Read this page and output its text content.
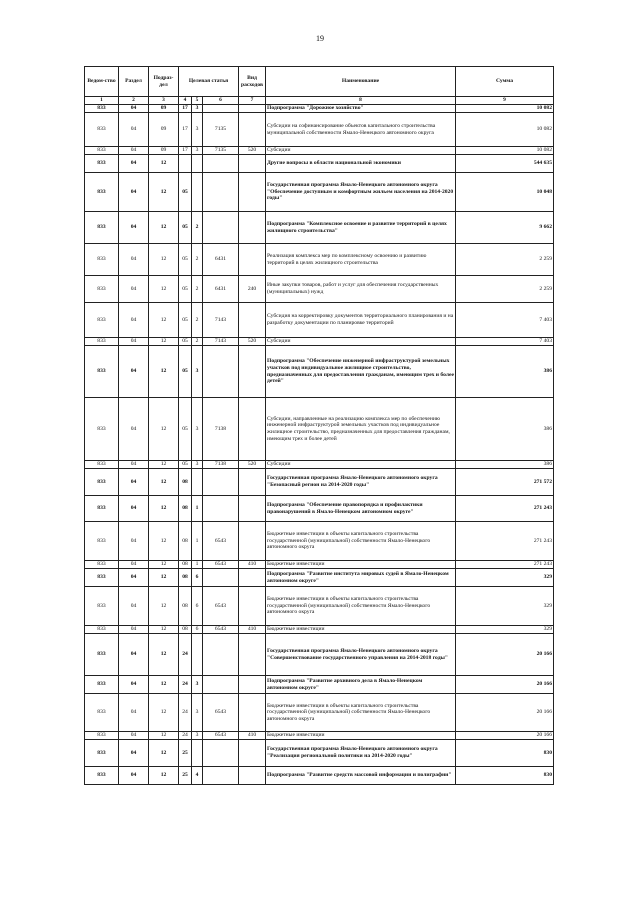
19
Ведом-ство	Раздел	Подраз-дел	Целевая статья			Вид расходов	Наименование	Сумма
1	2	3	4	5	6	7	8	9
833	04	09	17	3			Подпрограмма "Дорожное хозяйство"	10 082
833	04	09	17	3	7135		Субсидии на софинансирование объектов капитального строительства муниципальной собственности Ямало-Ненецкого автономного округа	10 082
833	04	09	17	3	7135	520	Субсидии	10 082
833	04	12					Другие вопросы в области национальной экономики	544 635
833	04	12	05				Государственная программа Ямало-Ненецкого автономного округа "Обеспечение доступным и комфортным жильем населения на 2014-2020 годы"	10 048
833	04	12	05	2			Подпрограмма "Комплексное освоение и развитие территорий в целях жилищного строительства"	9 662
833	04	12	05	2	6431		Реализация комплекса мер по комплексному освоению и развитию территорий в целях жилищного строительства	2 259
833	04	12	05	2	6431	240	Иные закупки товаров, работ и услуг для обеспечения государственных (муниципальных) нужд	2 259
833	04	12	05	2	7143		Субсидия на корректировку документов территориального планирования и на разработку документации по планировке территорий	7 403
833	04	12	05	2	7143	520	Субсидии	7 403
833	04	12	05	3			Подпрограмма "Обеспечение инженерной инфраструктурой земельных участков под индивидуальное жилищное строительство, предназначенных для предоставления гражданам, имеющим трех и более детей"	386
833	04	12	05	3	7138		Субсидии, направленные на реализацию комплекса мер по обеспечению инженерной инфраструктурой земельных участков под индивидуальное жилищное строительство, предназначенных для предоставления гражданам, имеющим трех и более детей	386
833	04	12	05	3	7138	520	Субсидии	386
833	04	12	08				Государственная программа Ямало-Ненецкого автономного округа "Безопасный регион на 2014-2020 годы"	271 572
833	04	12	08	1			Подпрограмма "Обеспечение правопорядка и профилактики правонарушений в Ямало-Ненецком автономном округе"	271 243
833	04	12	08	1	6543		Бюджетные инвестиции в объекты капитального строительства государственной (муниципальной) собственности Ямало-Ненецкого автономного округа	271 243
833	04	12	08	1	6543	410	Бюджетные инвестиции	271 243
833	04	12	08	6			Подпрограмма "Развитие института мировых судей в Ямало-Ненецком автономном округе"	329
833	04	12	08	6	6543		Бюджетные инвестиции в объекты капитального строительства государственной (муниципальной) собственности Ямало-Ненецкого автономного округа	329
833	04	12	08	6	6543	410	Бюджетные инвестиции	329
833	04	12	24				Государственная программа Ямало-Ненецкого автономного округа "Совершенствование государственного управления на 2014-2018 годы"	20 166
833	04	12	24	3			Подпрограмма "Развитие архивного дела в Ямало-Ненецком автономном округе"	20 166
833	04	12	24	3	6543		Бюджетные инвестиции в объекты капитального строительства государственной (муниципальной) собственности Ямало-Ненецкого автономного округа	20 166
833	04	12	24	3	6543	410	Бюджетные инвестиции	20 166
833	04	12	25				Государственная программа Ямало-Ненецкого автономного округа "Реализация региональной политики на 2014-2020 годы"	830
833	04	12	25	4			Подпрограмма "Развитие средств массовой информации и полиграфии"	830
